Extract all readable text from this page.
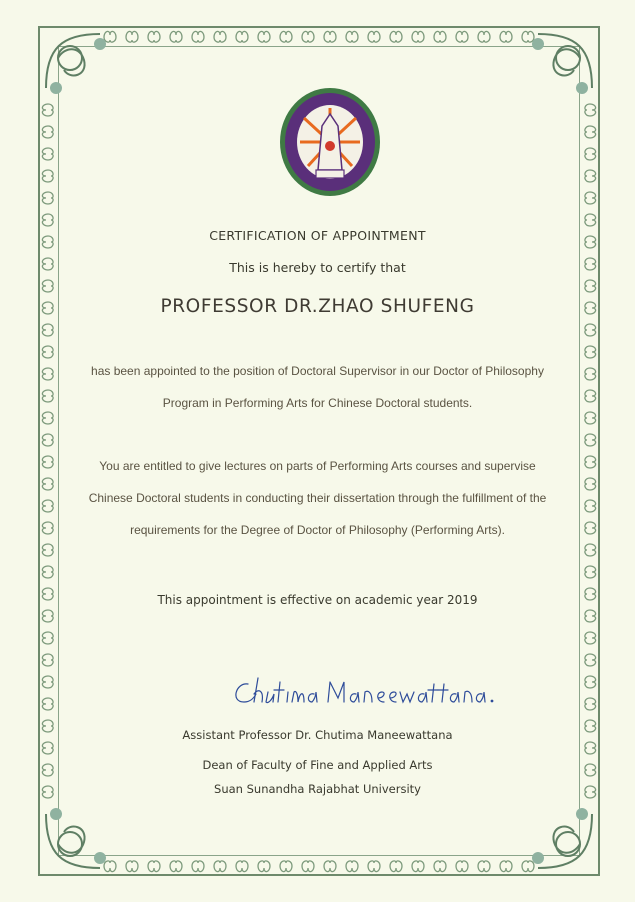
CERTIFICATION OF APPOINTMENT
This is hereby to certify that
PROFESSOR DR.ZHAO SHUFENG
has been appointed to the position of Doctoral Supervisor in our Doctor of Philosophy
Program in Performing Arts for Chinese Doctoral students.
You are entitled to give lectures on parts of Performing Arts courses and supervise
Chinese Doctoral students in conducting their dissertation through the fulfillment of the
requirements for the Degree of Doctor of Philosophy (Performing Arts).
This appointment is effective on academic year 2019
Assistant Professor Dr. Chutima Maneewattana
Dean of Faculty of Fine and Applied Arts
Suan Sunandha Rajabhat University
